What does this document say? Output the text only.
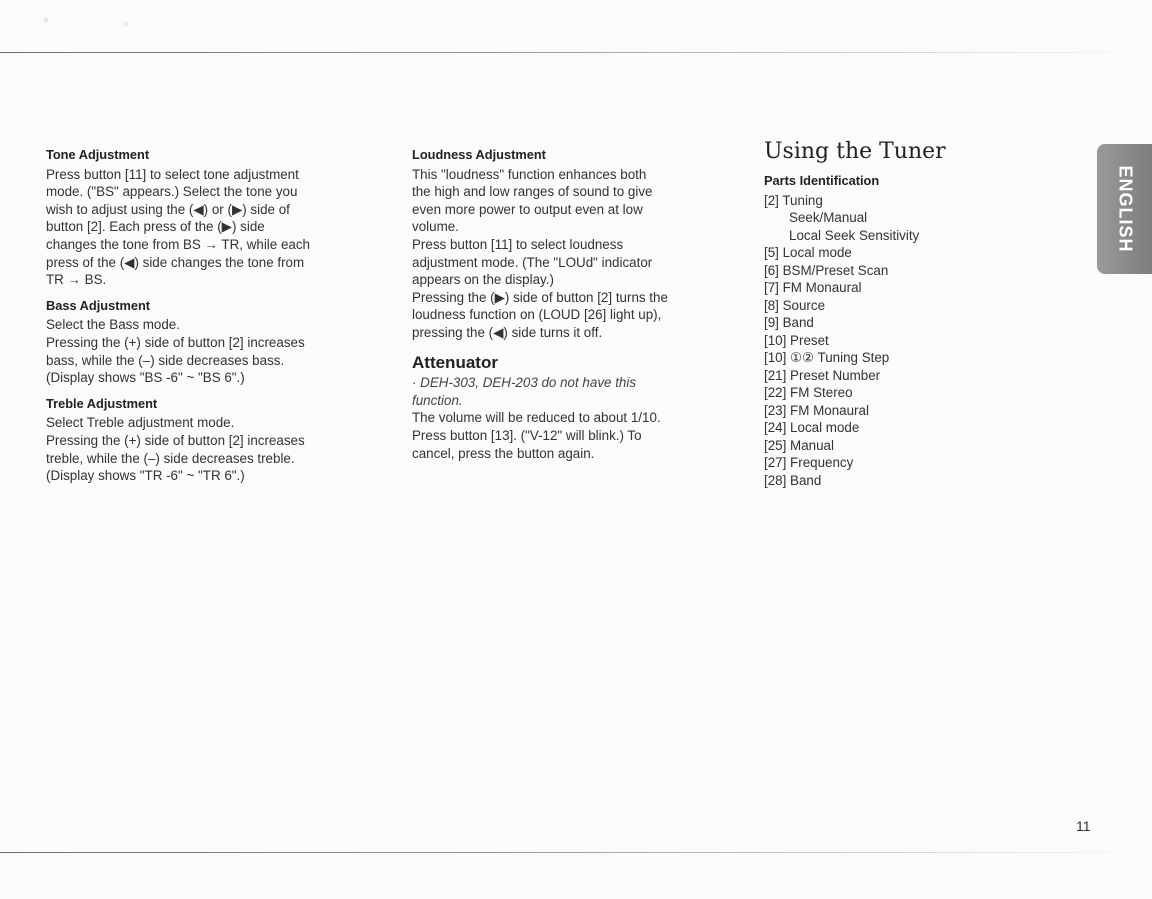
Tone Adjustment
Press button [11] to select tone adjustment
mode. ("BS" appears.) Select the tone you
wish to adjust using the (◀) or (▶) side of
button [2]. Each press of the (▶) side
changes the tone from BS → TR, while each
press of the (◀) side changes the tone from
TR → BS.
Bass Adjustment
Select the Bass mode.
Pressing the (+) side of button [2] increases
bass, while the (–) side decreases bass.
(Display shows "BS -6" ~ "BS 6".)
Treble Adjustment
Select Treble adjustment mode.
Pressing the (+) side of button [2] increases
treble, while the (–) side decreases treble.
(Display shows "TR -6" ~ "TR 6".)
Loudness Adjustment
This "loudness" function enhances both
the high and low ranges of sound to give
even more power to output even at low
volume.
Press button [11] to select loudness
adjustment mode. (The "LOUd" indicator
appears on the display.)
Pressing the (▶) side of button [2] turns the
loudness function on (LOUD [26] light up),
pressing the (◀) side turns it off.
Attenuator
· DEH-303, DEH-203 do not have this
function.
The volume will be reduced to about 1/10.
Press button [13]. ("V-12" will blink.) To
cancel, press the button again.
Using the Tuner
Parts Identification
[2] Tuning
Seek/Manual
Local Seek Sensitivity
[5] Local mode
[6] BSM/Preset Scan
[7] FM Monaural
[8] Source
[9] Band
[10] Preset
[10] ①② Tuning Step
[21] Preset Number
[22] FM Stereo
[23] FM Monaural
[24] Local mode
[25] Manual
[27] Frequency
[28] Band
ENGLISH
11
